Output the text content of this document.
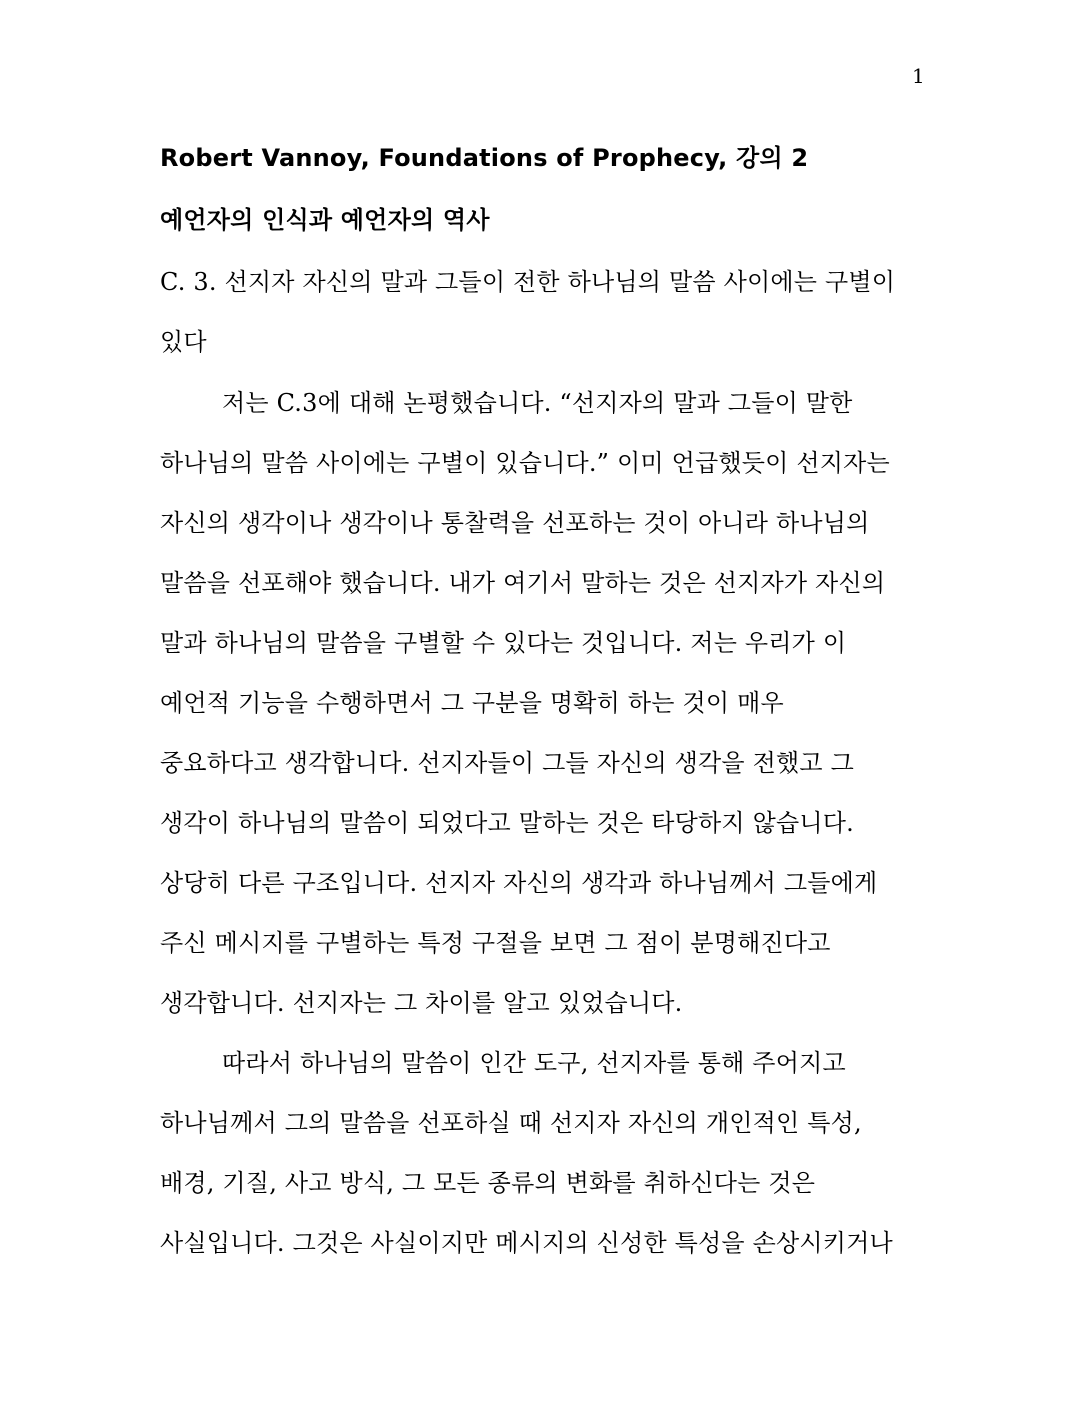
1
Robert Vannoy, Foundations of Prophecy, 강의 2
예언자의 인식과 예언자의 역사
C. 3. 선지자 자신의 말과 그들이 전한 하나님의 말씀 사이에는 구별이
있다
저는 C.3에 대해 논평했습니다. “선지자의 말과 그들이 말한
하나님의 말씀 사이에는 구별이 있습니다.” 이미 언급했듯이 선지자는
자신의 생각이나 생각이나 통찰력을 선포하는 것이 아니라 하나님의
말씀을 선포해야 했습니다. 내가 여기서 말하는 것은 선지자가 자신의
말과 하나님의 말씀을 구별할 수 있다는 것입니다. 저는 우리가 이
예언적 기능을 수행하면서 그 구분을 명확히 하는 것이 매우
중요하다고 생각합니다. 선지자들이 그들 자신의 생각을 전했고 그
생각이 하나님의 말씀이 되었다고 말하는 것은 타당하지 않습니다.
상당히 다른 구조입니다. 선지자 자신의 생각과 하나님께서 그들에게
주신 메시지를 구별하는 특정 구절을 보면 그 점이 분명해진다고
생각합니다. 선지자는 그 차이를 알고 있었습니다.
따라서 하나님의 말씀이 인간 도구, 선지자를 통해 주어지고
하나님께서 그의 말씀을 선포하실 때 선지자 자신의 개인적인 특성,
배경, 기질, 사고 방식, 그 모든 종류의 변화를 취하신다는 것은
사실입니다. 그것은 사실이지만 메시지의 신성한 특성을 손상시키거나
